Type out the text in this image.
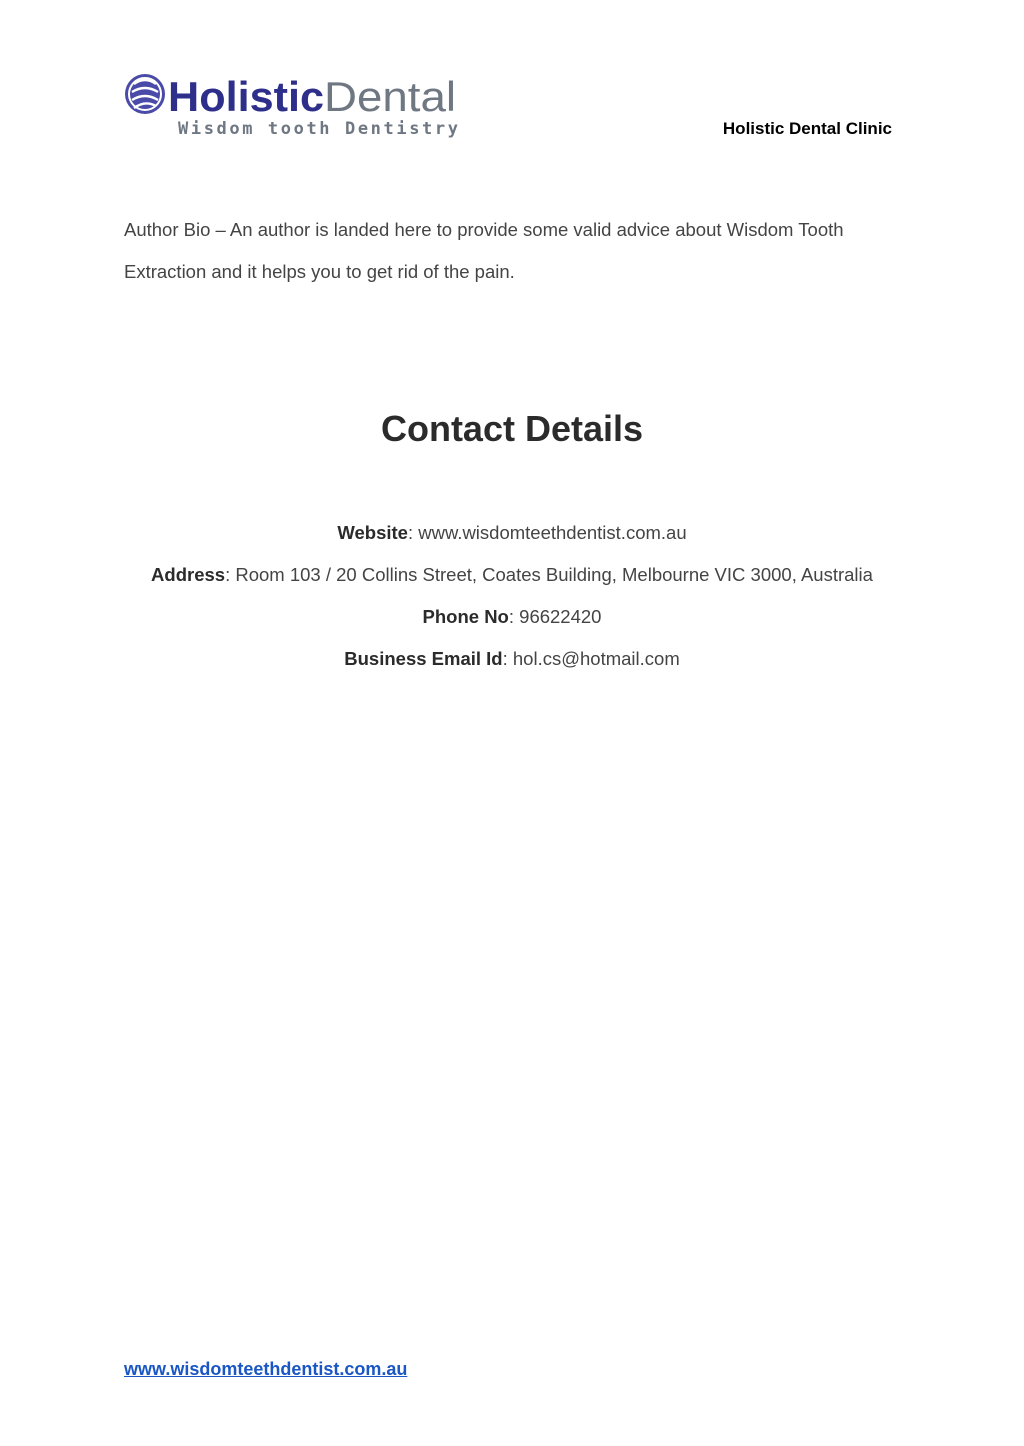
Holistic Dental
Wisdom tooth Dentistry	Holistic Dental Clinic
Author Bio – An author is landed here to provide some valid advice about Wisdom Tooth Extraction and it helps you to get rid of the pain.
Contact Details
Website: www.wisdomteethdentist.com.au
Address: Room 103 / 20 Collins Street, Coates Building, Melbourne VIC 3000, Australia
Phone No: 96622420
Business Email Id: hol.cs@hotmail.com
www.wisdomteethdentist.com.au
